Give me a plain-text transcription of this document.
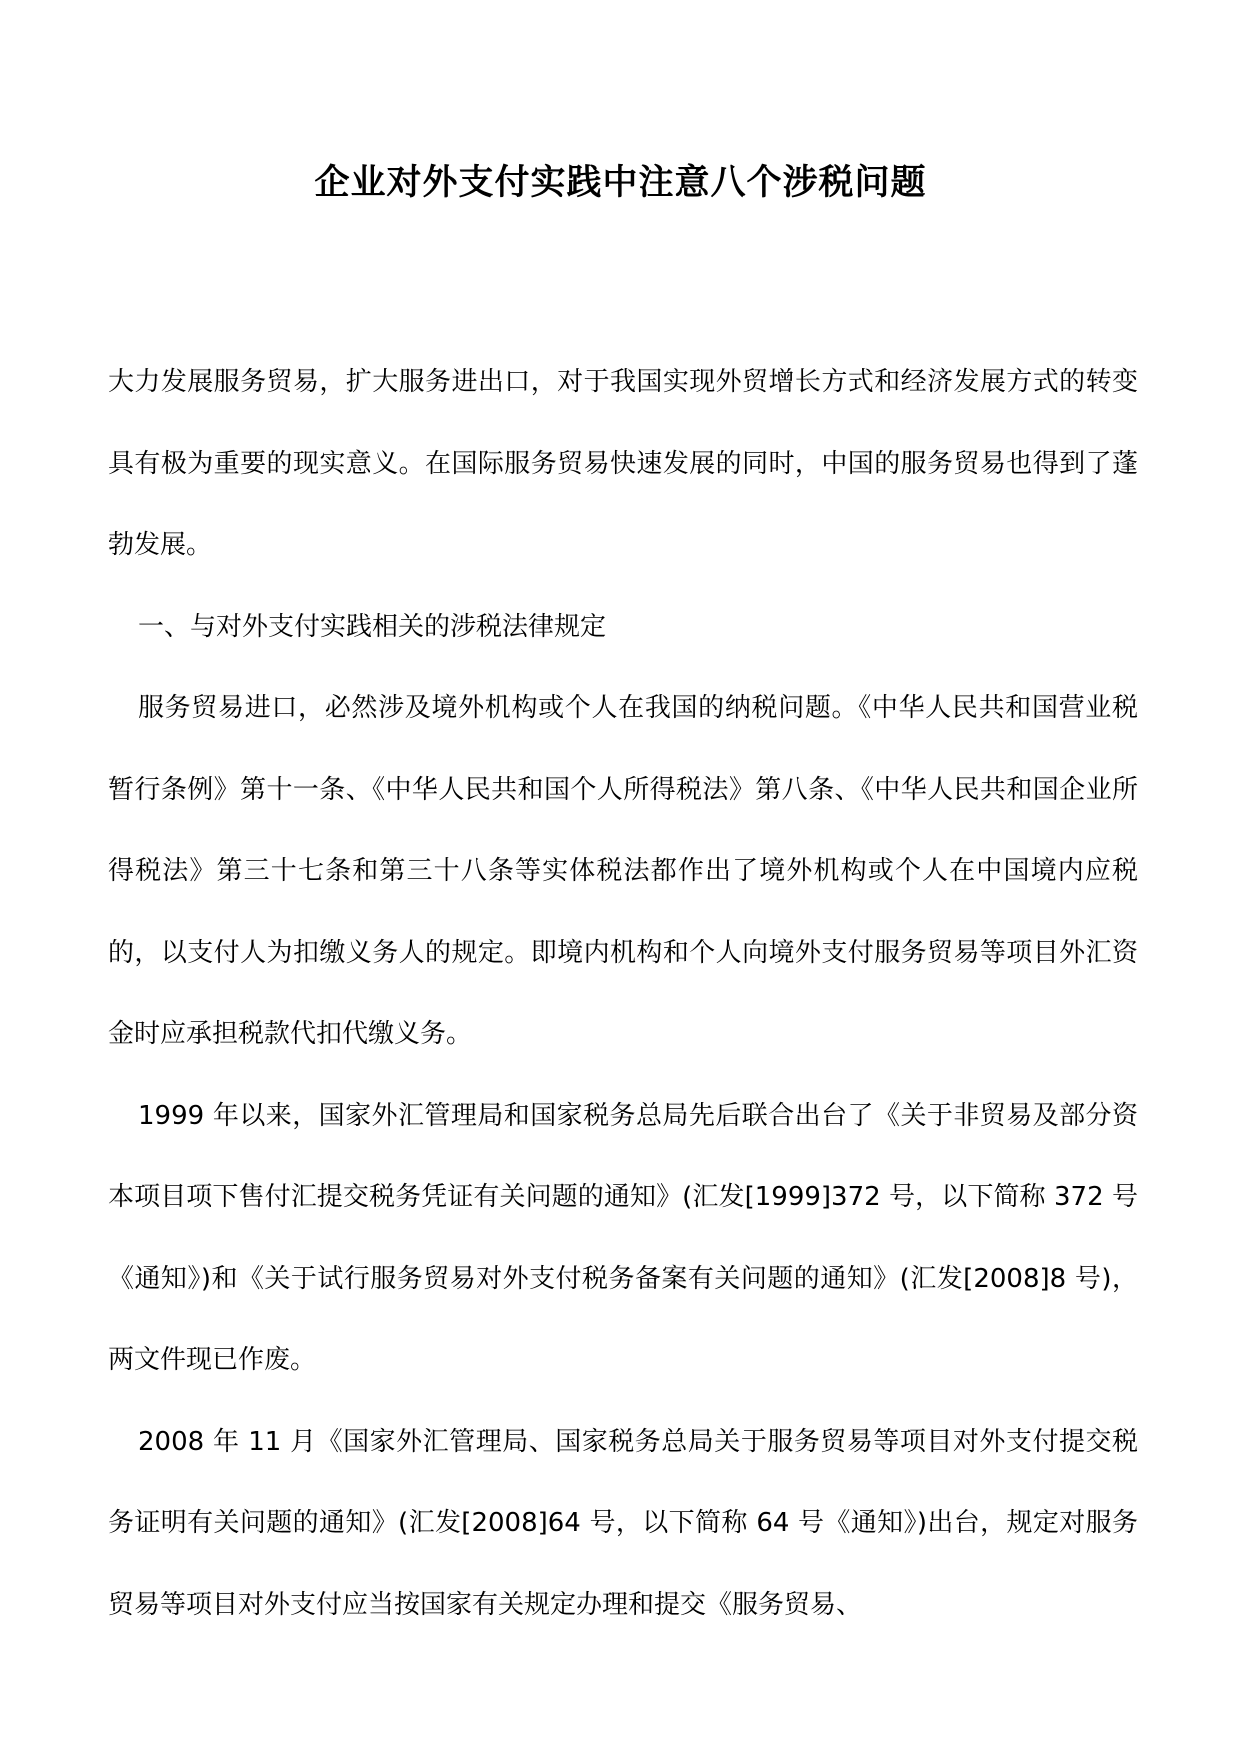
企业对外支付实践中注意八个涉税问题

大力发展服务贸易，扩大服务进出口，对于我国实现外贸增长方式和经济发展方式的转变具有极为重要的现实意义。在国际服务贸易快速发展的同时，中国的服务贸易也得到了蓬勃发展。

一、与对外支付实践相关的涉税法律规定

服务贸易进口，必然涉及境外机构或个人在我国的纳税问题。《中华人民共和国营业税暂行条例》第十一条、《中华人民共和国个人所得税法》第八条、《中华人民共和国企业所得税法》第三十七条和第三十八条等实体税法都作出了境外机构或个人在中国境内应税的，以支付人为扣缴义务人的规定。即境内机构和个人向境外支付服务贸易等项目外汇资金时应承担税款代扣代缴义务。

1999 年以来，国家外汇管理局和国家税务总局先后联合出台了《关于非贸易及部分资本项目项下售付汇提交税务凭证有关问题的通知》(汇发[1999]372 号，以下简称 372 号《通知》)和《关于试行服务贸易对外支付税务备案有关问题的通知》(汇发[2008]8 号)，两文件现已作废。

2008 年 11 月《国家外汇管理局、国家税务总局关于服务贸易等项目对外支付提交税务证明有关问题的通知》(汇发[2008]64 号，以下简称 64 号《通知》)出台，规定对服务贸易等项目对外支付应当按国家有关规定办理和提交《服务贸易、
